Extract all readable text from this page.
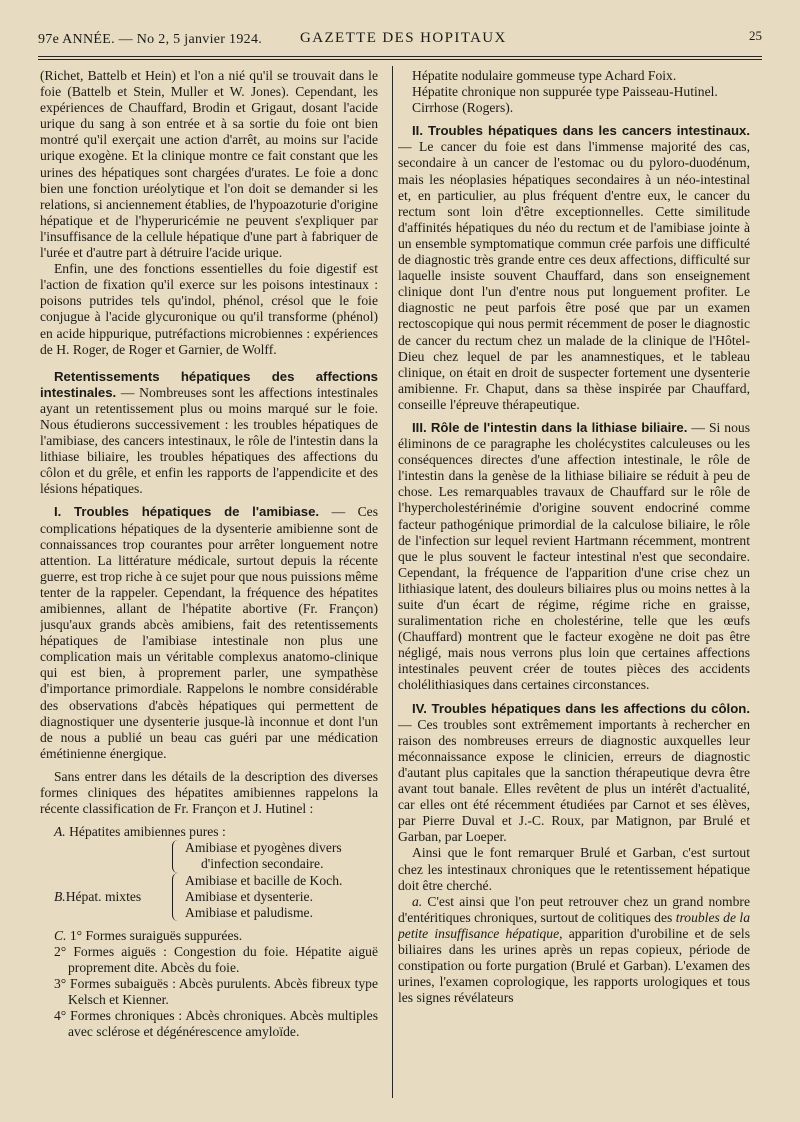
97e ANNÉE. — No 2, 5 janvier 1924.	GAZETTE DES HOPITAUX	25

(Richet, Battelb et Hein) et l'on a nié qu'il se trouvait dans le foie (Battelb et Stein, Muller et W. Jones). Cependant, les expériences de Chauffard, Brodin et Grigaut, dosant l'acide urique du sang à son entrée et à sa sortie du foie ont bien montré qu'il exerçait une action d'arrêt, au moins sur l'acide urique exogène. Et la clinique montre ce fait constant que les urines des hépatiques sont chargées d'urates. Le foie a donc bien une fonction uréolytique et l'on doit se demander si les relations, si anciennement établies, de l'hypoazoturie d'origine hépatique et de l'hyperuricémie ne peuvent s'expliquer par l'insuffisance de la cellule hépatique d'une part à fabriquer de l'urée et d'autre part à détruire l'acide urique.

Enfin, une des fonctions essentielles du foie digestif est l'action de fixation qu'il exerce sur les poisons intestinaux : poisons putrides tels qu'indol, phénol, crésol que le foie conjugue à l'acide glycuronique ou qu'il transforme (phénol) en acide hippurique, putréfactions microbiennes : expériences de H. Roger, de Roger et Garnier, de Wolff.

Retentissements hépatiques des affections intestinales. — Nombreuses sont les affections intestinales ayant un retentissement plus ou moins marqué sur le foie. Nous étudierons successivement : les troubles hépatiques de l'amibiase, des cancers intestinaux, le rôle de l'intestin dans la lithiase biliaire, les troubles hépatiques des affections du côlon et du grêle, et enfin les rapports de l'appendicite et des lésions hépatiques.

I. Troubles hépatiques de l'amibiase. — Ces complications hépatiques de la dysenterie amibienne sont de connaissances trop courantes pour arrêter longuement notre attention. La littérature médicale, surtout depuis la récente guerre, est trop riche à ce sujet pour que nous puissions même tenter de la rappeler. Cependant, la fréquence des hépatites amibiennes, allant de l'hépatite abortive (Fr. Françon) jusqu'aux grands abcès amibiens, fait des retentissements hépatiques de l'amibiase intestinale non plus une complication mais un véritable complexus anatomo-clinique qui est bien, à proprement parler, une sympathèse d'importance primordiale. Rappelons le nombre considérable des observations d'abcès hépatiques qui permettent de diagnostiquer une dysenterie jusque-là inconnue et dont l'un de nous a publié un beau cas guéri par une médication émétinienne énergique.

Sans entrer dans les détails de la description des diverses formes cliniques des hépatites amibiennes rappelons la récente classification de Fr. Françon et J. Hutinel :

A. Hépatites amibiennes pures :
Amibiase et pyogènes divers
d'infection secondaire.
B. Hépat. mixtes
Amibiase et bacille de Koch.
Amibiase et dysenterie.
Amibiase et paludisme.
C. 1° Formes suraiguës suppurées.
2° Formes aiguës : Congestion du foie. Hépatite aiguë proprement dite. Abcès du foie.
3° Formes subaiguës : Abcès purulents. Abcès fibreux type Kelsch et Kienner.
4° Formes chroniques : Abcès chroniques. Abcès multiples avec sclérose et dégénérescence amyloïde.

Hépatite nodulaire gommeuse type Achard Foix.

Hépatite chronique non suppurée type Paisseau-Hutinel.

Cirrhose (Rogers).

II. Troubles hépatiques dans les cancers intestinaux. — Le cancer du foie est dans l'immense majorité des cas, secondaire à un cancer de l'estomac ou du pyloro-duodénum, mais les néoplasies hépatiques secondaires à un néo-intestinal et, en particulier, au plus fréquent d'entre eux, le cancer du rectum sont loin d'être exceptionnelles. Cette similitude d'affinités hépatiques du néo du rectum et de l'amibiase jointe à un ensemble symptomatique commun crée parfois une difficulté de diagnostic très grande entre ces deux affections, difficulté sur laquelle insiste souvent Chauffard, dans son enseignement clinique dont l'un d'entre nous put longuement profiter. Le diagnostic ne peut parfois être posé que par un examen rectoscopique qui nous permit récemment de poser le diagnostic de cancer du rectum chez un malade de la clinique de l'Hôtel-Dieu chez lequel de par les anamnestiques, et le tableau clinique, on était en droit de suspecter fortement une dysenterie amibienne. Fr. Chaput, dans sa thèse inspirée par Chauffard, conseille l'épreuve thérapeutique.

III. Rôle de l'intestin dans la lithiase biliaire. — Si nous éliminons de ce paragraphe les cholécystites calculeuses ou les conséquences directes d'une affection intestinale, le rôle de l'intestin dans la genèse de la lithiase biliaire se réduit à peu de chose. Les remarquables travaux de Chauffard sur le rôle de l'hypercholestérinémie d'origine souvent endocriné comme facteur pathogénique primordial de la calculose biliaire, le rôle de l'infection sur lequel revient Hartmann récemment, montrent que le plus souvent le facteur intestinal n'est que secondaire. Cependant, la fréquence de l'apparition d'une crise chez un lithiasique latent, des douleurs biliaires plus ou moins nettes à la suite d'un écart de régime, régime riche en graisse, suralimentation riche en cholestérine, telle que les œufs (Chauffard) montrent que le facteur exogène ne doit pas être négligé, mais nous verrons plus loin que certaines affections intestinales peuvent créer de toutes pièces des accidents cholélithiasiques dans certaines circonstances.

IV. Troubles hépatiques dans les affections du côlon. — Ces troubles sont extrêmement importants à rechercher en raison des nombreuses erreurs de diagnostic auxquelles leur méconnaissance expose le clinicien, erreurs de diagnostic d'autant plus capitales que la sanction thérapeutique devra être avant tout banale. Elles revêtent de plus un intérêt d'actualité, car elles ont été récemment étudiées par Carnot et ses élèves, par Pierre Duval et J.-C. Roux, par Matignon, par Brulé et Garban, par Loeper.

Ainsi que le font remarquer Brulé et Garban, c'est surtout chez les intestinaux chroniques que le retentissement hépatique doit être cherché.

a. C'est ainsi que l'on peut retrouver chez un grand nombre d'entéritiques chroniques, surtout de colitiques des troubles de la petite insuffisance hépatique, apparition d'urobiline et de sels biliaires dans les urines après un repas copieux, période de constipation ou forte purgation (Brulé et Garban). L'examen des urines, l'examen coprologique, les rapports urologiques et tous les signes révélateurs
